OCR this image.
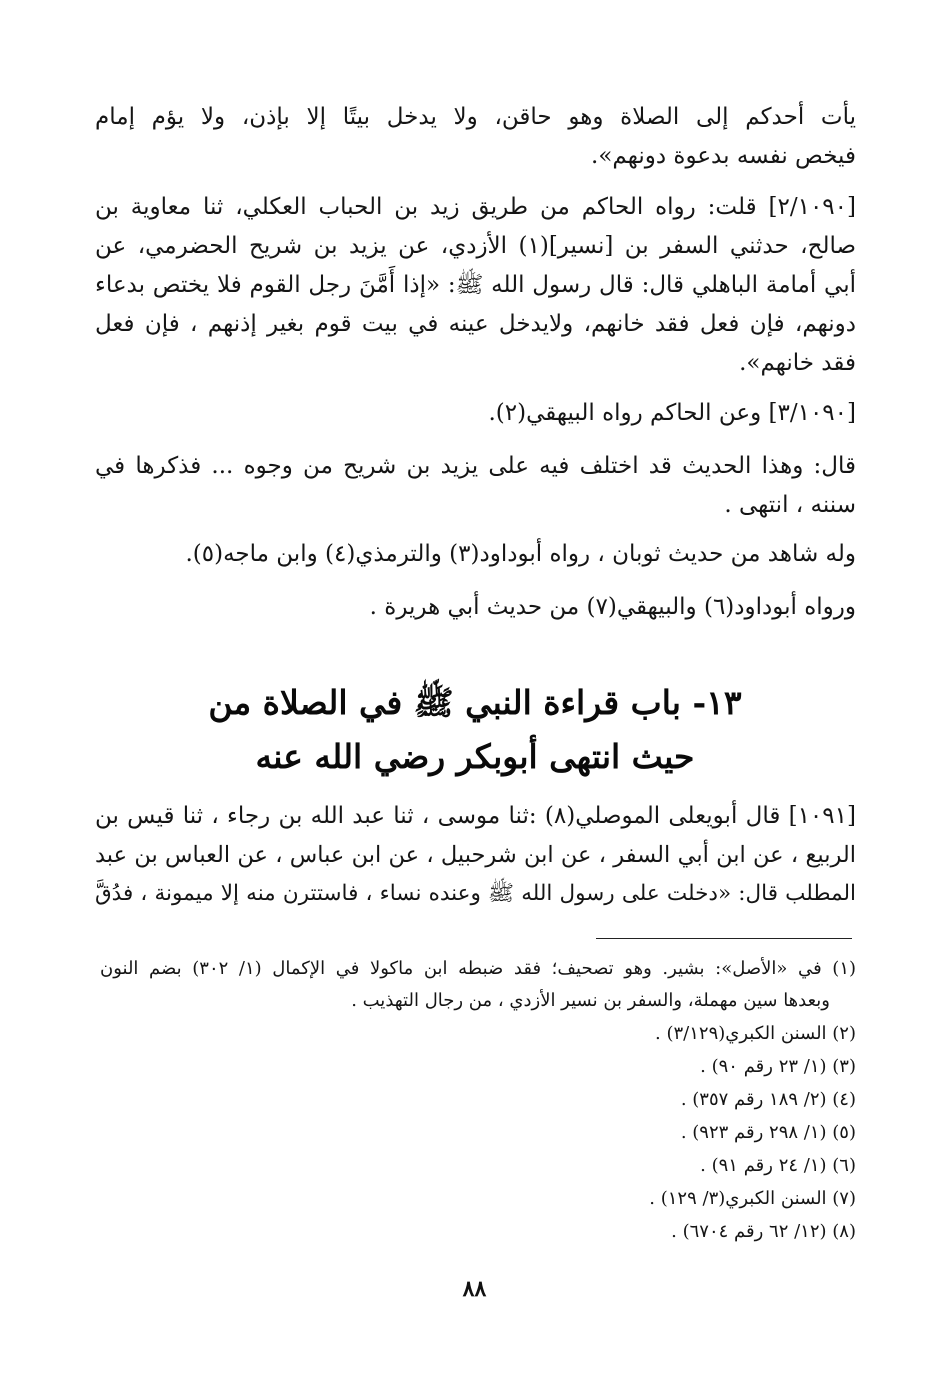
يأت أحدكم إلى الصلاة وهو حاقن، ولا يدخل بيتًا إلا بإذن، ولا يؤم إمام
فيخص نفسه بدعوة دونهم».
[٢/١٠٩٠] قلت: رواه الحاكم من طريق زيد بن الحباب العكلي، ثنا معاوية بن
صالح، حدثني السفر بن [نسير](١) الأزدي، عن يزيد بن شريح الحضرمي، عن
أبي أمامة الباهلي قال: قال رسول الله ﷺ: «إذا أَمَّنَ رجل القوم فلا يختص بدعاء
دونهم، فإن فعل فقد خانهم، ولايدخل عينه في بيت قوم بغير إذنهم ، فإن فعل
فقد خانهم».
[٣/١٠٩٠] وعن الحاكم رواه البيهقي(٢).
قال: وهذا الحديث قد اختلف فيه على يزيد بن شريح من وجوه ... فذكرها في
سننه ، انتهى .
وله شاهد من حديث ثوبان ، رواه أبوداود(٣) والترمذي(٤) وابن ماجه(٥).
ورواه أبوداود(٦) والبيهقي(٧) من حديث أبي هريرة .
١٣- باب قراءة النبي ﷺ في الصلاة من
حيث انتهى أبوبكر رضي الله عنه
[١٠٩١] قال أبويعلى الموصلي(٨) :ثنا موسى ، ثنا عبد الله بن رجاء ، ثنا قيس بن
الربيع ، عن ابن أبي السفر ، عن ابن شرحبيل ، عن ابن عباس ، عن العباس بن عبد
المطلب قال: «دخلت على رسول الله ﷺ وعنده نساء ، فاستترن منه إلا ميمونة ، فدُقَّ
(١) في «الأصل»: بشير. وهو تصحيف؛ فقد ضبطه ابن ماكولا في الإكمال (١/ ٣٠٢) بضم النون
وبعدها سين مهملة، والسفر بن نسير الأزدي ، من رجال التهذيب .
(٢) السنن الكبري(٣/١٢٩) .
(٣) (١/ ٢٣ رقم ٩٠) .
(٤) (٢/ ١٨٩ رقم ٣٥٧) .
(٥) (١/ ٢٩٨ رقم ٩٢٣) .
(٦) (١/ ٢٤ رقم ٩١) .
(٧) السنن الكبري(٣/ ١٢٩) .
(٨) (١٢/ ٦٢ رقم ٦٧٠٤) .
٨٨
